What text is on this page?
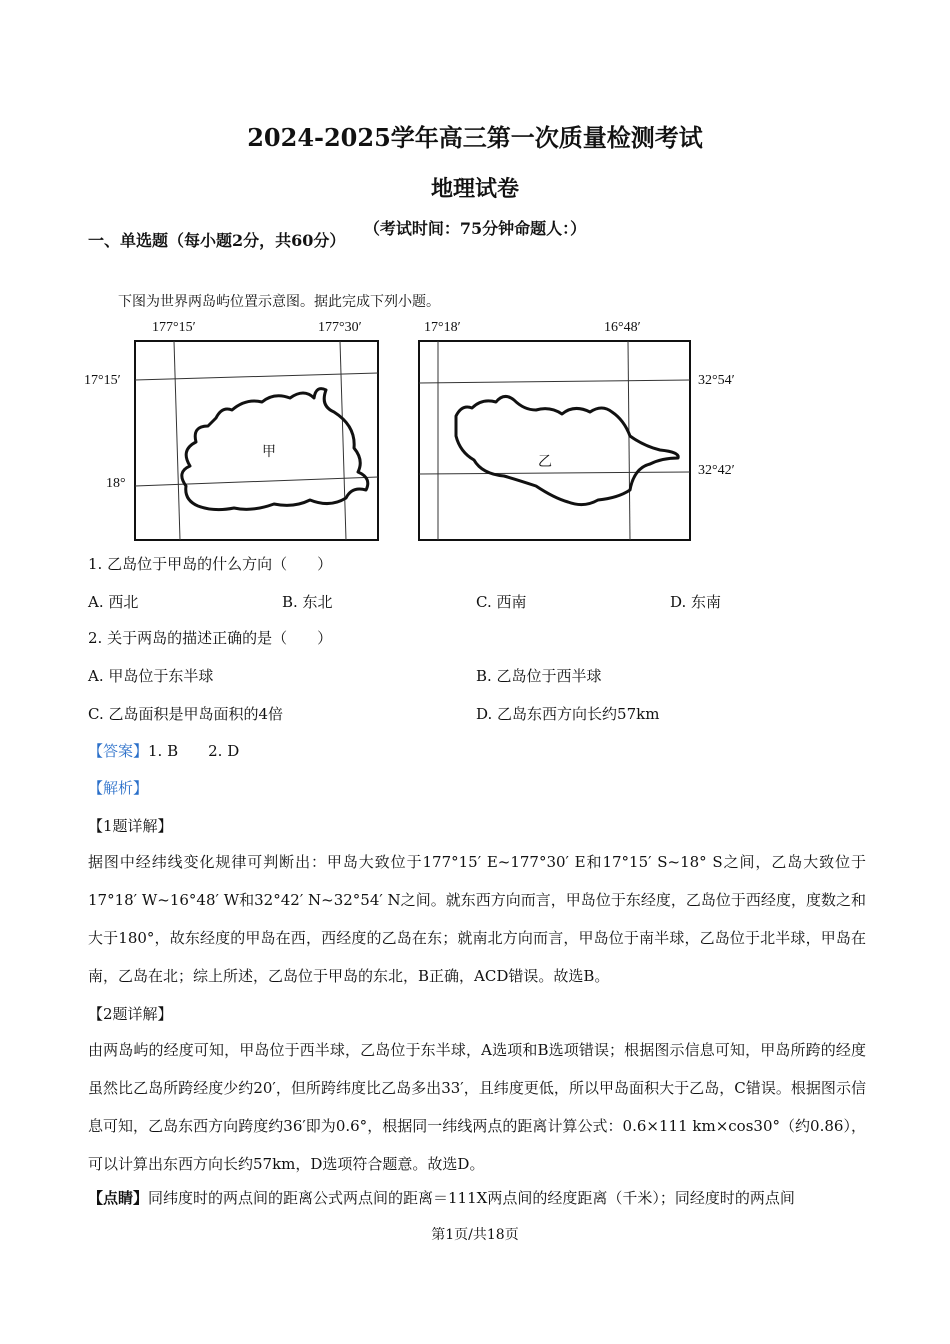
2024-2025学年高三第一次质量检测考试
地理试卷
（考试时间：75分钟命题人：）
一、单选题（每小题2分，共60分）
下图为世界两岛屿位置示意图。据此完成下列小题。
177°15′	177°30′
17°15′
18°
甲
17°18′	16°48′
32°54′
32°42′
乙
1. 乙岛位于甲岛的什么方向（　　）
A. 西北	B. 东北	C. 西南	D. 东南
2. 关于两岛的描述正确的是（　　）
A. 甲岛位于东半球	B. 乙岛位于西半球
C. 乙岛面积是甲岛面积的4倍	D. 乙岛东西方向长约57km
【答案】1. B　　2. D
【解析】
【1题详解】
据图中经纬线变化规律可判断出：甲岛大致位于177°15′ E~177°30′ E和17°15′ S~18° S之间，乙岛大致位于17°18′ W~16°48′ W和32°42′ N~32°54′ N之间。就东西方向而言，甲岛位于东经度，乙岛位于西经度，度数之和大于180°，故东经度的甲岛在西，西经度的乙岛在东；就南北方向而言，甲岛位于南半球，乙岛位于北半球，甲岛在南，乙岛在北；综上所述，乙岛位于甲岛的东北，B正确，ACD错误。故选B。
【2题详解】
由两岛屿的经度可知，甲岛位于西半球，乙岛位于东半球，A选项和B选项错误；根据图示信息可知，甲岛所跨的经度虽然比乙岛所跨经度少约20′，但所跨纬度比乙岛多出33′，且纬度更低，所以甲岛面积大于乙岛，C错误。根据图示信息可知，乙岛东西方向跨度约36′即为0.6°，根据同一纬线两点的距离计算公式：0.6×111 km×cos30°（约0.86），可以计算出东西方向长约57km，D选项符合题意。故选D。
【点睛】同纬度时的两点间的距离公式两点间的距离＝111X两点间的经度距离（千米）；同经度时的两点间
第1页/共18页
